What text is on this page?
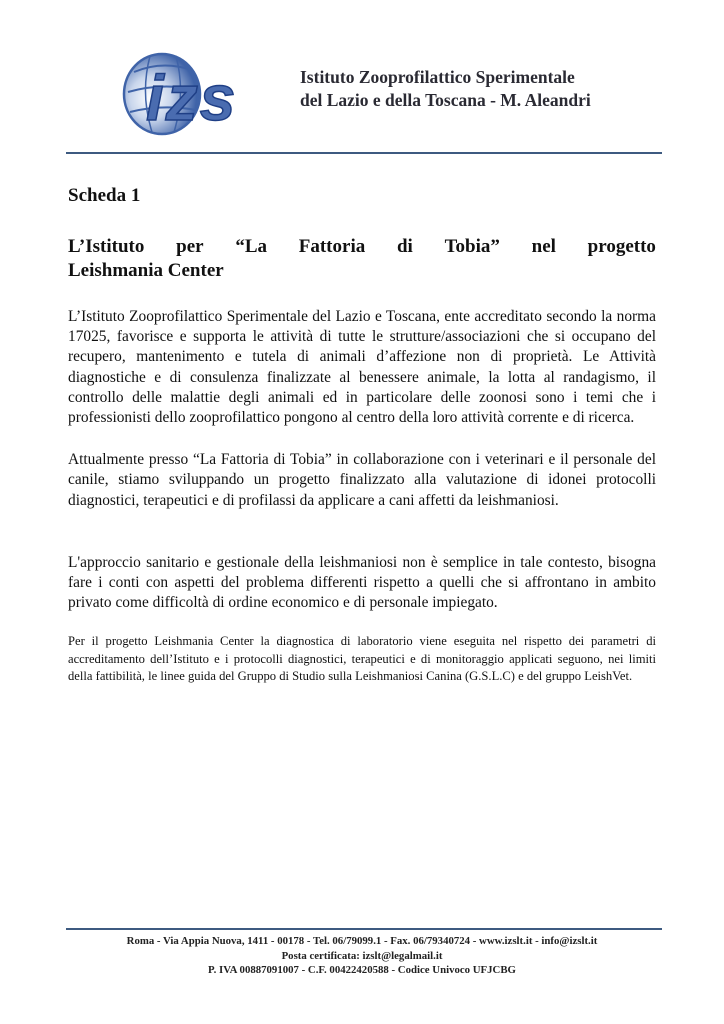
izs	Istituto Zooprofilattico Sperimentale
del Lazio e della Toscana - M. Aleandri

Scheda 1

L’Istituto per “La Fattoria di Tobia” nel progetto
Leishmania Center

L’Istituto Zooprofilattico Sperimentale del Lazio e Toscana, ente accreditato secondo la norma 17025, favorisce e supporta le attività di tutte le strutture/associazioni che si occupano del recupero, mantenimento e tutela di animali d’affezione non di proprietà. Le Attività diagnostiche e di consulenza finalizzate al benessere animale, la lotta al randagismo, il controllo delle malattie degli animali ed in particolare delle zoonosi sono i temi che i professionisti dello zooprofilattico pongono al centro della loro attività corrente e di ricerca.

Attualmente presso “La Fattoria di Tobia” in collaborazione con i veterinari e il personale del canile, stiamo sviluppando un progetto finalizzato alla valutazione di idonei protocolli diagnostici, terapeutici e di profilassi da applicare a cani affetti da leishmaniosi.

L'approccio sanitario e gestionale della leishmaniosi non è semplice in tale contesto, bisogna fare i conti con aspetti del problema differenti rispetto a quelli che si affrontano in ambito privato come difficoltà di ordine economico e di personale impiegato.

Per il progetto Leishmania Center la diagnostica di laboratorio viene eseguita nel rispetto dei parametri di accreditamento dell’Istituto e i protocolli diagnostici, terapeutici e di monitoraggio applicati seguono, nei limiti della fattibilità, le linee guida del Gruppo di Studio sulla Leishmaniosi Canina (G.S.L.C) e del gruppo LeishVet.

Roma - Via Appia Nuova, 1411 - 00178 - Tel. 06/79099.1 - Fax. 06/79340724 - www.izslt.it - info@izslt.it
Posta certificata: izslt@legalmail.it
P. IVA 00887091007 - C.F. 00422420588 - Codice Univoco UFJCBG
